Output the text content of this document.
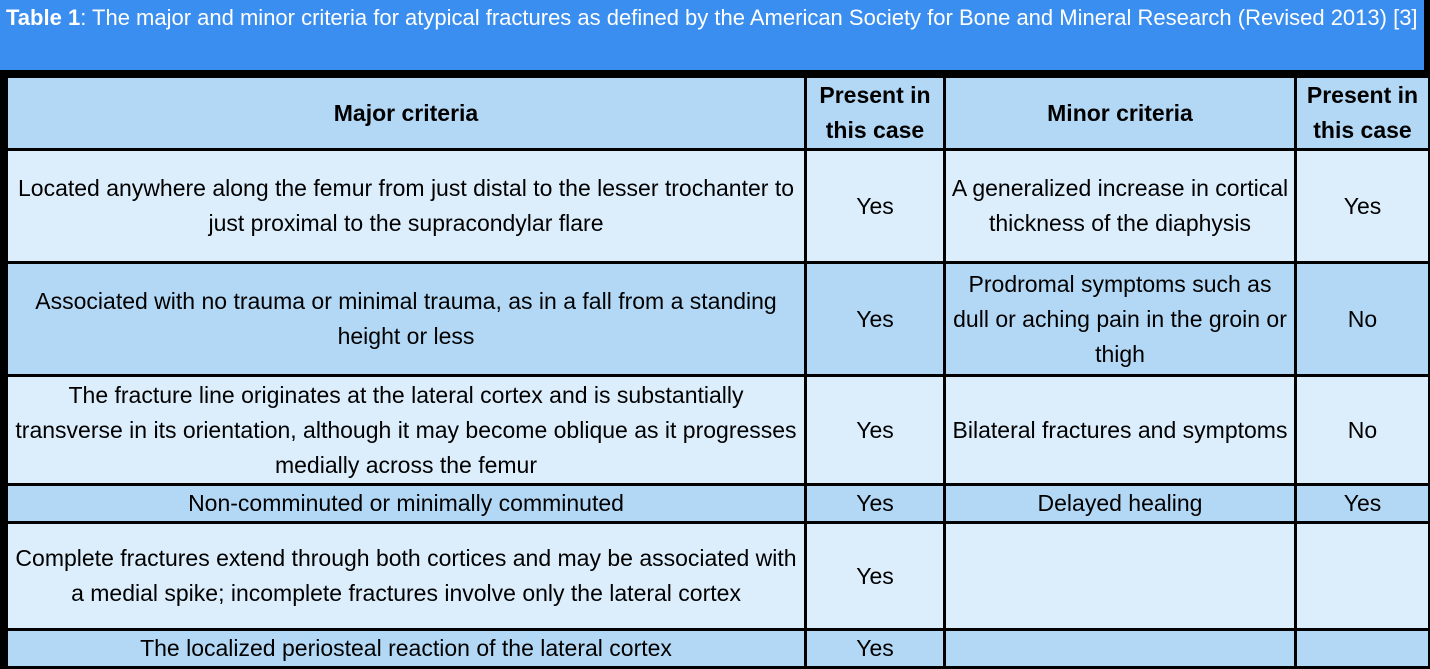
Table 1: The major and minor criteria for atypical fractures as defined by the American Society for Bone and Mineral Research (Revised 2013) [3]
Major criteria	Present in this case	Minor criteria	Present in this case
Located anywhere along the femur from just distal to the lesser trochanter to just proximal to the supracondylar flare	Yes	A generalized increase in cortical thickness of the diaphysis	Yes
Associated with no trauma or minimal trauma, as in a fall from a standing height or less	Yes	Prodromal symptoms such as dull or aching pain in the groin or thigh	No
The fracture line originates at the lateral cortex and is substantially transverse in its orientation, although it may become oblique as it progresses medially across the femur	Yes	Bilateral fractures and symptoms	No
Non-comminuted or minimally comminuted	Yes	Delayed healing	Yes
Complete fractures extend through both cortices and may be associated with a medial spike; incomplete fractures involve only the lateral cortex	Yes		
The localized periosteal reaction of the lateral cortex	Yes		
